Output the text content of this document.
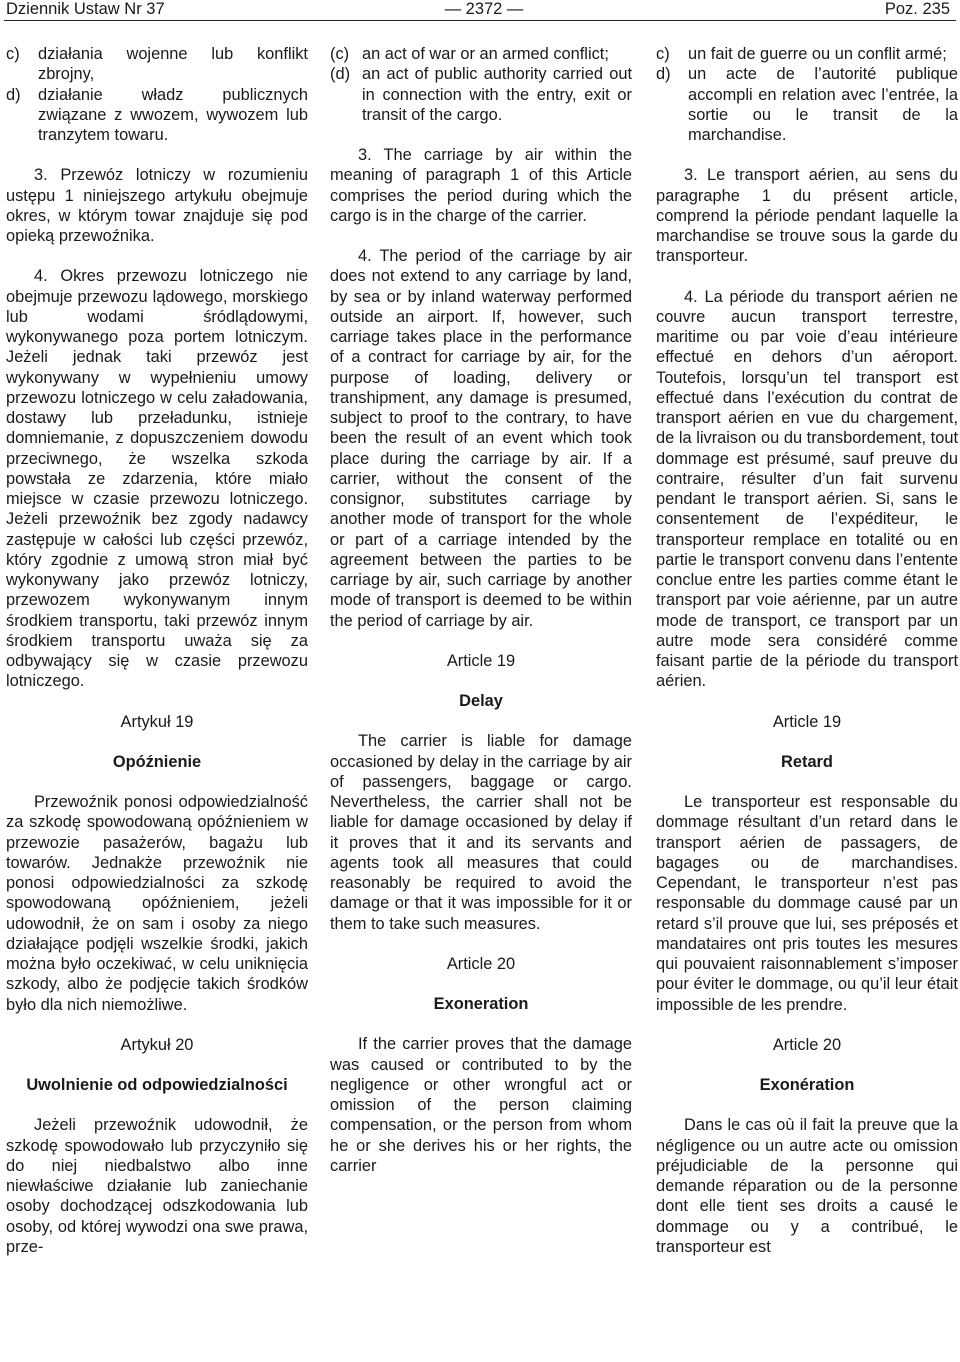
Dziennik Ustaw Nr 37	— 2372 —	Poz. 235
c)	działania wojenne lub konflikt zbrojny,
d)	działanie władz publicznych związane z wwozem, wywozem lub tranzytem towaru.

3. Przewóz lotniczy w rozumieniu ustępu 1 niniejszego artykułu obejmuje okres, w którym towar znajduje się pod opieką przewoźnika.

4. Okres przewozu lotniczego nie obejmuje przewozu lądowego, morskiego lub wodami śródlądowymi, wykonywanego poza portem lotniczym. Jeżeli jednak taki przewóz jest wykonywany w wypełnieniu umowy przewozu lotniczego w celu załadowania, dostawy lub przeładunku, istnieje domniemanie, z dopuszczeniem dowodu przeciwnego, że wszelka szkoda powstała ze zdarzenia, które miało miejsce w czasie przewozu lotniczego. Jeżeli przewoźnik bez zgody nadawcy zastępuje w całości lub części przewóz, który zgodnie z umową stron miał być wykonywany jako przewóz lotniczy, przewozem wykonywanym innym środkiem transportu, taki przewóz innym środkiem transportu uważa się za odbywający się w czasie przewozu lotniczego.

Artykuł 19

Opóźnienie

Przewoźnik ponosi odpowiedzialność za szkodę spowodowaną opóźnieniem w przewozie pasażerów, bagażu lub towarów. Jednakże przewoźnik nie ponosi odpowiedzialności za szkodę spowodowaną opóźnieniem, jeżeli udowodnił, że on sam i osoby za niego działające podjęli wszelkie środki, jakich można było oczekiwać, w celu uniknięcia szkody, albo że podjęcie takich środków było dla nich niemożliwe.

Artykuł 20

Uwolnienie od odpowiedzialności

Jeżeli przewoźnik udowodnił, że szkodę spowodowało lub przyczyniło się do niej niedbalstwo albo inne niewłaściwe działanie lub zaniechanie osoby dochodzącej odszkodowania lub osoby, od której wywodzi ona swe prawa, prze-

(c) an act of war or an armed conflict;
(d) an act of public authority carried out in connection with the entry, exit or transit of the cargo.

3. The carriage by air within the meaning of paragraph 1 of this Article comprises the period during which the cargo is in the charge of the carrier.

4. The period of the carriage by air does not extend to any carriage by land, by sea or by inland waterway performed outside an airport. If, however, such carriage takes place in the performance of a contract for carriage by air, for the purpose of loading, delivery or transhipment, any damage is presumed, subject to proof to the contrary, to have been the result of an event which took place during the carriage by air. If a carrier, without the consent of the consignor, substitutes carriage by another mode of transport for the whole or part of a carriage intended by the agreement between the parties to be carriage by air, such carriage by another mode of transport is deemed to be within the period of carriage by air.

Article 19

Delay

The carrier is liable for damage occasioned by delay in the carriage by air of passengers, baggage or cargo. Nevertheless, the carrier shall not be liable for damage occasioned by delay if it proves that it and its servants and agents took all measures that could reasonably be required to avoid the damage or that it was impossible for it or them to take such measures.

Article 20

Exoneration

If the carrier proves that the damage was caused or contributed to by the negligence or other wrongful act or omission of the person claiming compensation, or the person from whom he or she derives his or her rights, the carrier

c)	un fait de guerre ou un conflit armé;
d)	un acte de l’autorité publique accompli en relation avec l’entrée, la sortie ou le transit de la marchandise.

3. Le transport aérien, au sens du paragraphe 1 du présent article, comprend la période pendant laquelle la marchandise se trouve sous la garde du transporteur.

4. La période du transport aérien ne couvre aucun transport terrestre, maritime ou par voie d’eau intérieure effectué en dehors d’un aéroport. Toutefois, lorsqu’un tel transport est effectué dans l’exécution du contrat de transport aérien en vue du chargement, de la livraison ou du transbordement, tout dommage est présumé, sauf preuve du contraire, résulter d’un fait survenu pendant le transport aérien. Si, sans le consentement de l’expéditeur, le transporteur remplace en totalité ou en partie le transport convenu dans l’entente conclue entre les parties comme étant le transport par voie aérienne, par un autre mode de transport, ce transport par un autre mode sera considéré comme faisant partie de la période du transport aérien.

Article 19

Retard

Le transporteur est responsable du dommage résultant d’un retard dans le transport aérien de passagers, de bagages ou de marchandises. Cependant, le transporteur n’est pas responsable du dommage causé par un retard s’il prouve que lui, ses préposés et mandataires ont pris toutes les mesures qui pouvaient raisonnablement s’imposer pour éviter le dommage, ou qu’il leur était impossible de les prendre.

Article 20

Exonération

Dans le cas où il fait la preuve que la négligence ou un autre acte ou omission préjudiciable de la personne qui demande réparation ou de la personne dont elle tient ses droits a causé le dommage ou y a contribué, le transporteur est
